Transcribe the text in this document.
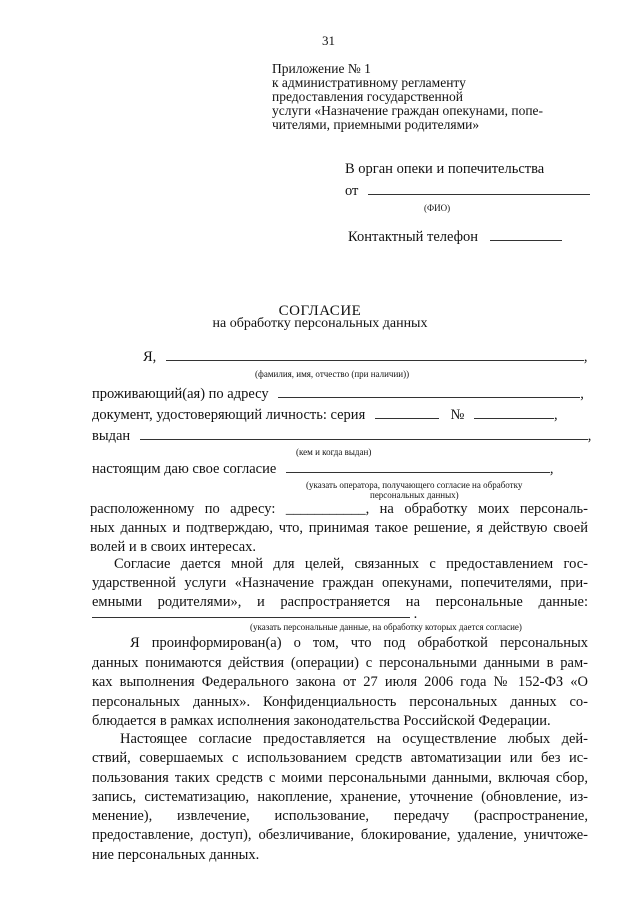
31
Приложение № 1
к административному регламенту
предоставления государственной
услуги «Назначение граждан опекунами, попе-
чителями, приемными родителями»
В орган опеки и попечительства
от
(ФИО)
Контактный телефон
СОГЛАСИЕ
на обработку персональных данных
Я,	,
(фамилия, имя, отчество (при наличии))
проживающий(ая) по адресу	,
документ, удостоверяющий личность: серия	№	,
выдан	,
(кем и когда выдан)
настоящим даю свое согласие	,
(указать оператора, получающего согласие на обработку
персональных данных)
расположенному по адресу: ___________, на обработку моих персональ-
ных данных и подтверждаю, что, принимая такое решение, я действую своей
волей и в своих интересах.
Согласие дается мной для целей, связанных с предоставлением гос-
ударственной услуги «Назначение граждан опекунами, попечителями, при-
емными родителями», и распространяется на персональные данные:
.
(указать персональные данные, на обработку которых дается согласие)
Я проинформирован(а) о том, что под обработкой персональных
данных понимаются действия (операции) с персональными данными в рам-
ках выполнения Федерального закона от 27 июля 2006 года № 152-ФЗ «О
персональных данных». Конфиденциальность персональных данных со-
блюдается в рамках исполнения законодательства Российской Федерации.
Настоящее согласие предоставляется на осуществление любых дей-
ствий, совершаемых с использованием средств автоматизации или без ис-
пользования таких средств с моими персональными данными, включая сбор,
запись, систематизацию, накопление, хранение, уточнение (обновление, из-
менение), извлечение, использование, передачу (распространение,
предоставление, доступ), обезличивание, блокирование, удаление, уничтоже-
ние персональных данных.
